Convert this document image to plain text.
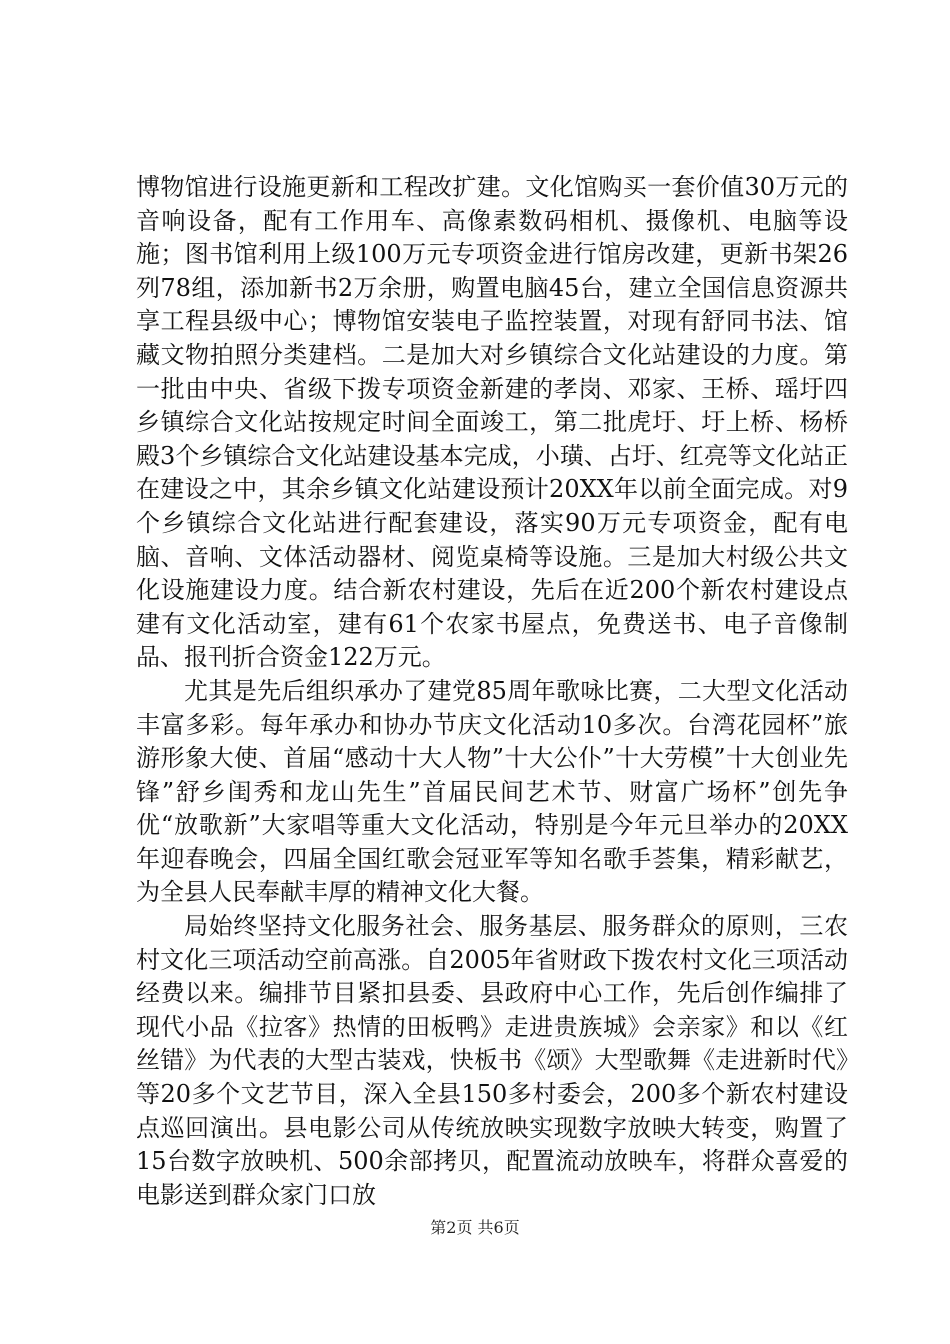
博物馆进行设施更新和工程改扩建。文化馆购买一套价值30万元的音响设备，配有工作用车、高像素数码相机、摄像机、电脑等设施；图书馆利用上级100万元专项资金进行馆房改建，更新书架26列78组，添加新书2万余册，购置电脑45台，建立全国信息资源共享工程县级中心；博物馆安装电子监控装置，对现有舒同书法、馆藏文物拍照分类建档。二是加大对乡镇综合文化站建设的力度。第一批由中央、省级下拨专项资金新建的孝岗、邓家、王桥、瑶圩四乡镇综合文化站按规定时间全面竣工，第二批虎圩、圩上桥、杨桥殿3个乡镇综合文化站建设基本完成，小璜、占圩、红亮等文化站正在建设之中，其余乡镇文化站建设预计20XX年以前全面完成。对9个乡镇综合文化站进行配套建设，落实90万元专项资金，配有电脑、音响、文体活动器材、阅览桌椅等设施。三是加大村级公共文化设施建设力度。结合新农村建设，先后在近200个新农村建设点建有文化活动室，建有61个农家书屋点，免费送书、电子音像制品、报刊折合资金122万元。

尤其是先后组织承办了建党85周年歌咏比赛，二大型文化活动丰富多彩。每年承办和协办节庆文化活动10多次。台湾花园杯”旅游形象大使、首届“感动十大人物”十大公仆”十大劳模”十大创业先锋”舒乡闺秀和龙山先生”首届民间艺术节、财富广场杯”创先争优“放歌新”大家唱等重大文化活动，特别是今年元旦举办的20XX年迎春晚会，四届全国红歌会冠亚军等知名歌手荟集，精彩献艺，为全县人民奉献丰厚的精神文化大餐。

局始终坚持文化服务社会、服务基层、服务群众的原则，三农村文化三项活动空前高涨。自2005年省财政下拨农村文化三项活动经费以来。编排节目紧扣县委、县政府中心工作，先后创作编排了现代小品《拉客》热情的田板鸭》走进贵族城》会亲家》和以《红丝错》为代表的大型古装戏，快板书《颂》大型歌舞《走进新时代》等20多个文艺节目，深入全县150多村委会，200多个新农村建设点巡回演出。县电影公司从传统放映实现数字放映大转变，购置了15台数字放映机、500余部拷贝，配置流动放映车，将群众喜爱的电影送到群众家门口放

第2页 共6页
